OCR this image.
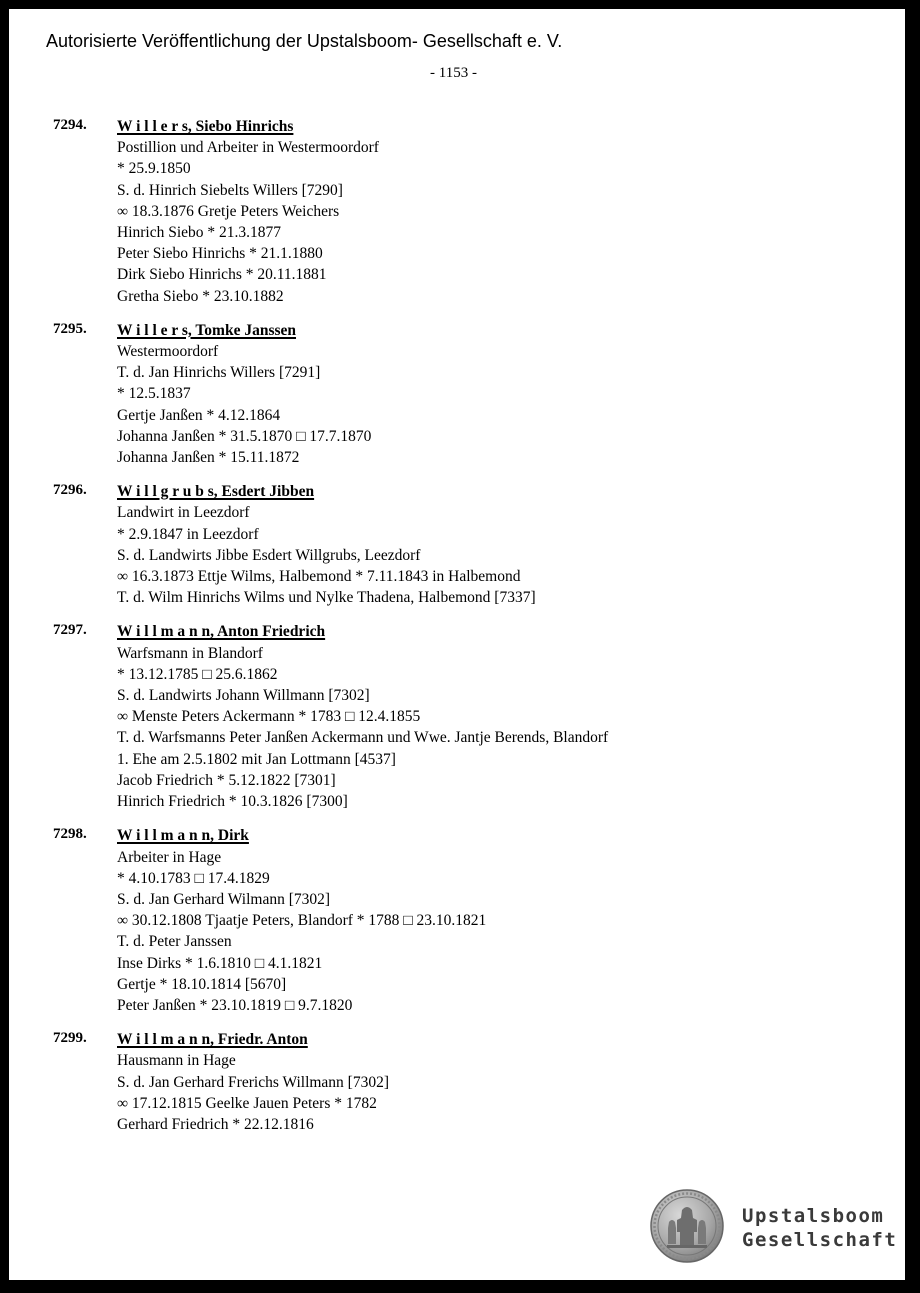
Autorisierte Veröffentlichung der Upstalsboom- Gesellschaft e. V.
- 1153 -
7294. W i l l e r s, Siebo Hinrichs
Postillion und Arbeiter in Westermoordorf
* 25.9.1850
S. d. Hinrich Siebelts Willers [7290]
∞ 18.3.1876 Gretje Peters Weichers
Hinrich Siebo * 21.3.1877
Peter Siebo Hinrichs * 21.1.1880
Dirk Siebo Hinrichs * 20.11.1881
Gretha Siebo * 23.10.1882
7295. W i l l e r s, Tomke Janssen
Westermoordorf
T. d. Jan Hinrichs Willers [7291]
* 12.5.1837
Gertje Janßen * 4.12.1864
Johanna Janßen * 31.5.1870 □ 17.7.1870
Johanna Janßen * 15.11.1872
7296. W i l l g r u b s, Esdert Jibben
Landwirt in Leezdorf
* 2.9.1847 in Leezdorf
S. d. Landwirts Jibbe Esdert Willgrubs, Leezdorf
∞ 16.3.1873 Ettje Wilms, Halbemond * 7.11.1843 in Halbemond
T. d. Wilm Hinrichs Wilms und Nylke Thadena, Halbemond [7337]
7297. W i l l m a n n, Anton Friedrich
Warfsmann in Blandorf
* 13.12.1785 □ 25.6.1862
S. d. Landwirts Johann Willmann [7302]
∞ Menste Peters Ackermann * 1783 □ 12.4.1855
T. d. Warfsmanns Peter Janßen Ackermann und Wwe. Jantje Berends, Blandorf
1. Ehe am 2.5.1802 mit Jan Lottmann [4537]
Jacob Friedrich * 5.12.1822 [7301]
Hinrich Friedrich * 10.3.1826 [7300]
7298. W i l l m a n n, Dirk
Arbeiter in Hage
* 4.10.1783 □ 17.4.1829
S. d. Jan Gerhard Wilmann [7302]
∞ 30.12.1808 Tjaatje Peters, Blandorf * 1788 □ 23.10.1821
T. d. Peter Janssen
Inse Dirks * 1.6.1810 □ 4.1.1821
Gertje * 18.10.1814 [5670]
Peter Janßen * 23.10.1819 □ 9.7.1820
7299. W i l l m a n n, Friedr. Anton
Hausmann in Hage
S. d. Jan Gerhard Frerichs Willmann [7302]
∞ 17.12.1815 Geelke Jauen Peters * 1782
Gerhard Friedrich * 22.12.1816
Upstalsboom
Gesellschaft
